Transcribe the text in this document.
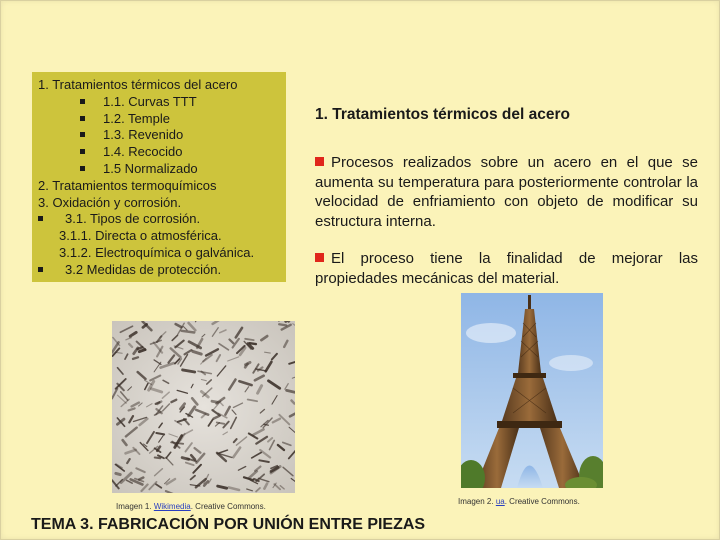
1. Tratamientos térmicos del acero
1.1. Curvas TTT
1.2. Temple
1.3. Revenido
1.4. Recocido
1.5 Normalizado
2. Tratamientos termoquímicos
3. Oxidación y corrosión.
3.1. Tipos de corrosión.
3.1.1. Directa o atmosférica.
3.1.2. Electroquímica o galvánica.
3.2 Medidas de protección.
1. Tratamientos térmicos del acero
Procesos realizados sobre un acero en el que se aumenta su temperatura para posteriormente controlar la velocidad de enfriamiento con objeto de modificar su estructura interna.
El proceso tiene la finalidad de mejorar las propiedades mecánicas del material.
Imagen 1. Wikimedia. Creative Commons.
Imagen 2. ua. Creative Commons.
TEMA 3. FABRICACIÓN POR UNIÓN ENTRE PIEZAS
